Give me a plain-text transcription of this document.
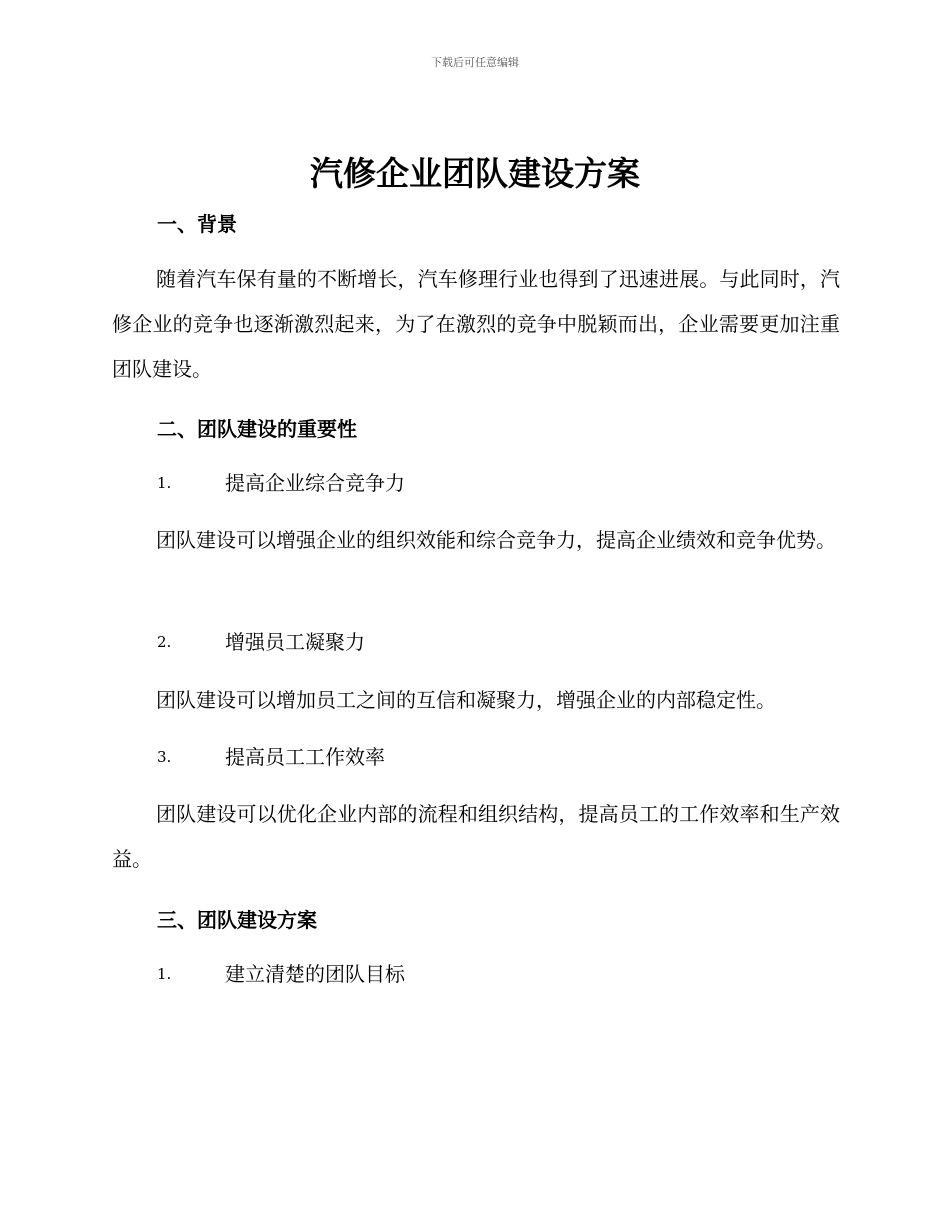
下载后可任意编辑
汽修企业团队建设方案
一、背景
随着汽车保有量的不断增长，汽车修理行业也得到了迅速进展。与此同时，汽修企业的竞争也逐渐激烈起来，为了在激烈的竞争中脱颖而出，企业需要更加注重团队建设。
二、团队建设的重要性
1.	提高企业综合竞争力
团队建设可以增强企业的组织效能和综合竞争力，提高企业绩效和竞争优势。
2.	增强员工凝聚力
团队建设可以增加员工之间的互信和凝聚力，增强企业的内部稳定性。
3.	提高员工工作效率
团队建设可以优化企业内部的流程和组织结构，提高员工的工作效率和生产效益。
三、团队建设方案
1.	建立清楚的团队目标
